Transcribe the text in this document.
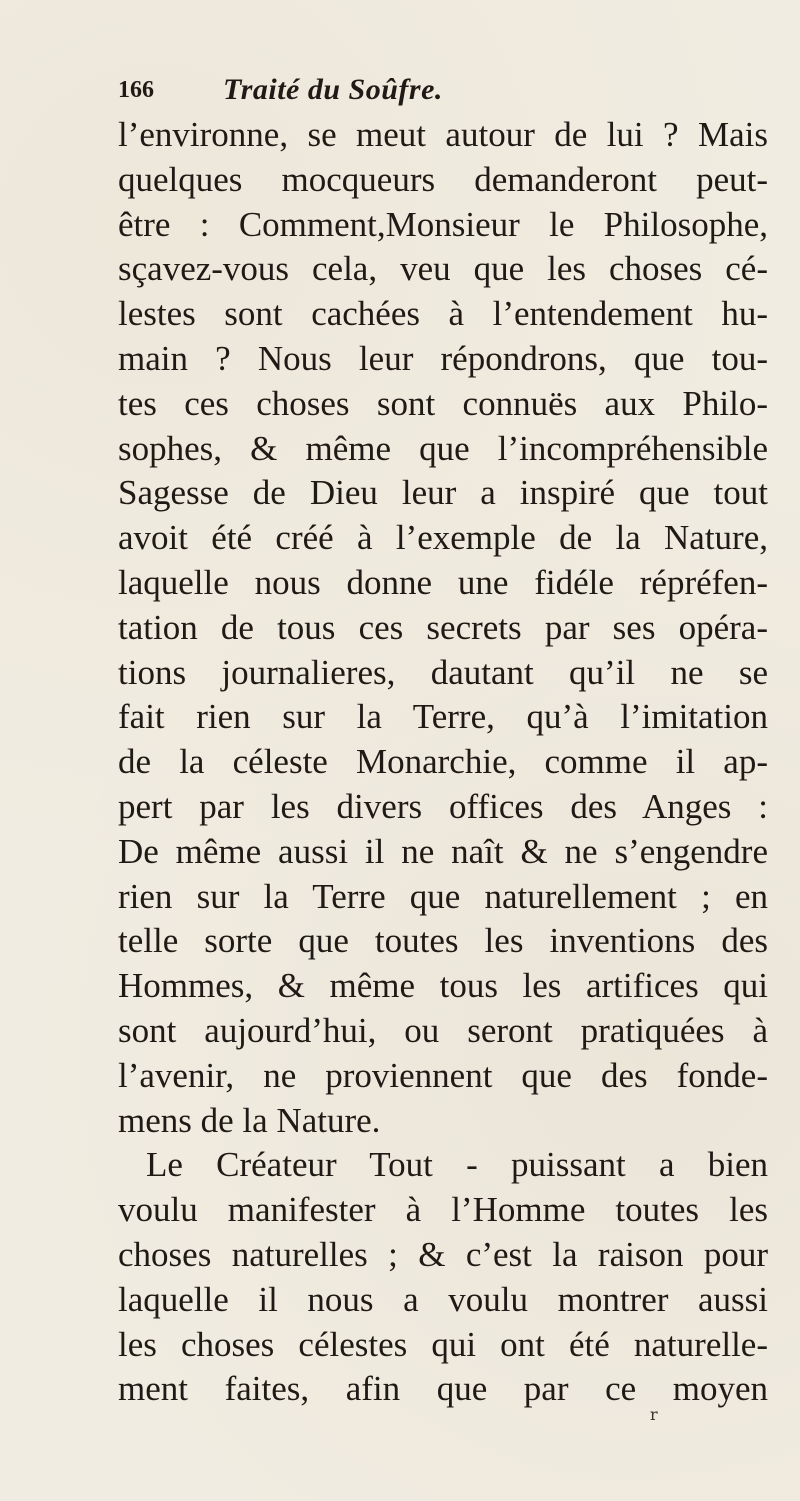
166 Traité du Soûfre.
l’environne, se meut autour de lui ? Mais
quelques mocqueurs demanderont peut-
être : Comment,Monsieur le Philosophe,
sçavez-vous cela, veu que les choses cé-
lestes sont cachées à l’entendement hu-
main ? Nous leur répondrons, que tou-
tes ces choses sont connuës aux Philo-
sophes, & même que l’incompréhensible
Sagesse de Dieu leur a inspiré que tout
avoit été créé à l’exemple de la Nature,
laquelle nous donne une fidéle répréfen-
tation de tous ces secrets par ses opéra-
tions journalieres, dautant qu’il ne se
fait rien sur la Terre, qu’à l’imitation
de la céleste Monarchie, comme il ap-
pert par les divers offices des Anges :
De même aussi il ne naît & ne s’engendre
rien sur la Terre que naturellement ; en
telle sorte que toutes les inventions des
Hommes, & même tous les artifices qui
sont aujourd’hui, ou seront pratiquées à
l’avenir, ne proviennent que des fonde-
mens de la Nature.
Le Créateur Tout - puissant a bien
voulu manifester à l’Homme toutes les
choses naturelles ; & c’est la raison pour
laquelle il nous a voulu montrer aussi
les choses célestes qui ont été naturelle-
ment faites, afin que par ce moyen
r
